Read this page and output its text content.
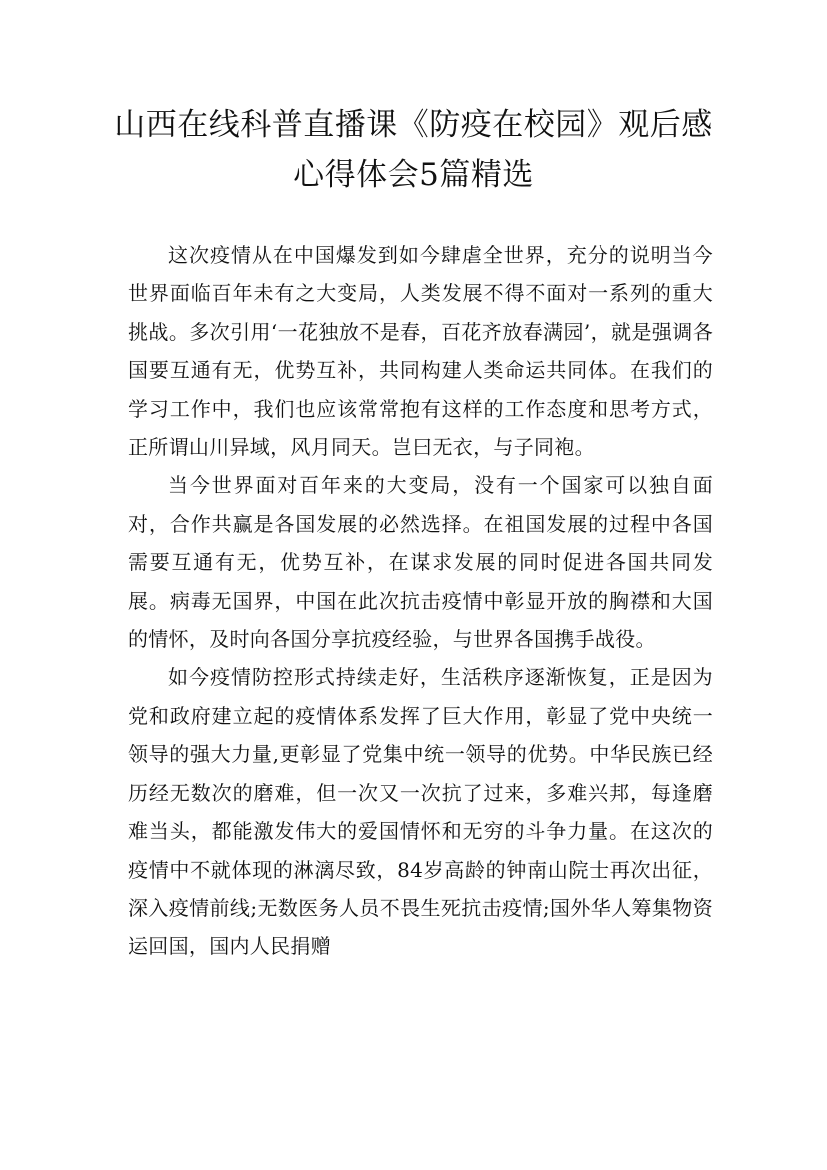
山西在线科普直播课《防疫在校园》观后感心得体会5篇精选

这次疫情从在中国爆发到如今肆虐全世界，充分的说明当今世界面临百年未有之大变局，人类发展不得不面对一系列的重大挑战。多次引用‘一花独放不是春，百花齐放春满园’，就是强调各国要互通有无，优势互补，共同构建人类命运共同体。在我们的学习工作中，我们也应该常常抱有这样的工作态度和思考方式，正所谓山川异域，风月同天。岂曰无衣，与子同袍。

当今世界面对百年来的大变局，没有一个国家可以独自面对，合作共赢是各国发展的必然选择。在祖国发展的过程中各国需要互通有无，优势互补，在谋求发展的同时促进各国共同发展。病毒无国界，中国在此次抗击疫情中彰显开放的胸襟和大国的情怀，及时向各国分享抗疫经验，与世界各国携手战役。

如今疫情防控形式持续走好，生活秩序逐渐恢复，正是因为党和政府建立起的疫情体系发挥了巨大作用，彰显了党中央统一领导的强大力量,更彰显了党集中统一领导的优势。中华民族已经历经无数次的磨难，但一次又一次抗了过来，多难兴邦，每逢磨难当头，都能激发伟大的爱国情怀和无穷的斗争力量。在这次的疫情中不就体现的淋漓尽致，84岁高龄的钟南山院士再次出征，深入疫情前线;无数医务人员不畏生死抗击疫情;国外华人筹集物资运回国，国内人民捐赠
